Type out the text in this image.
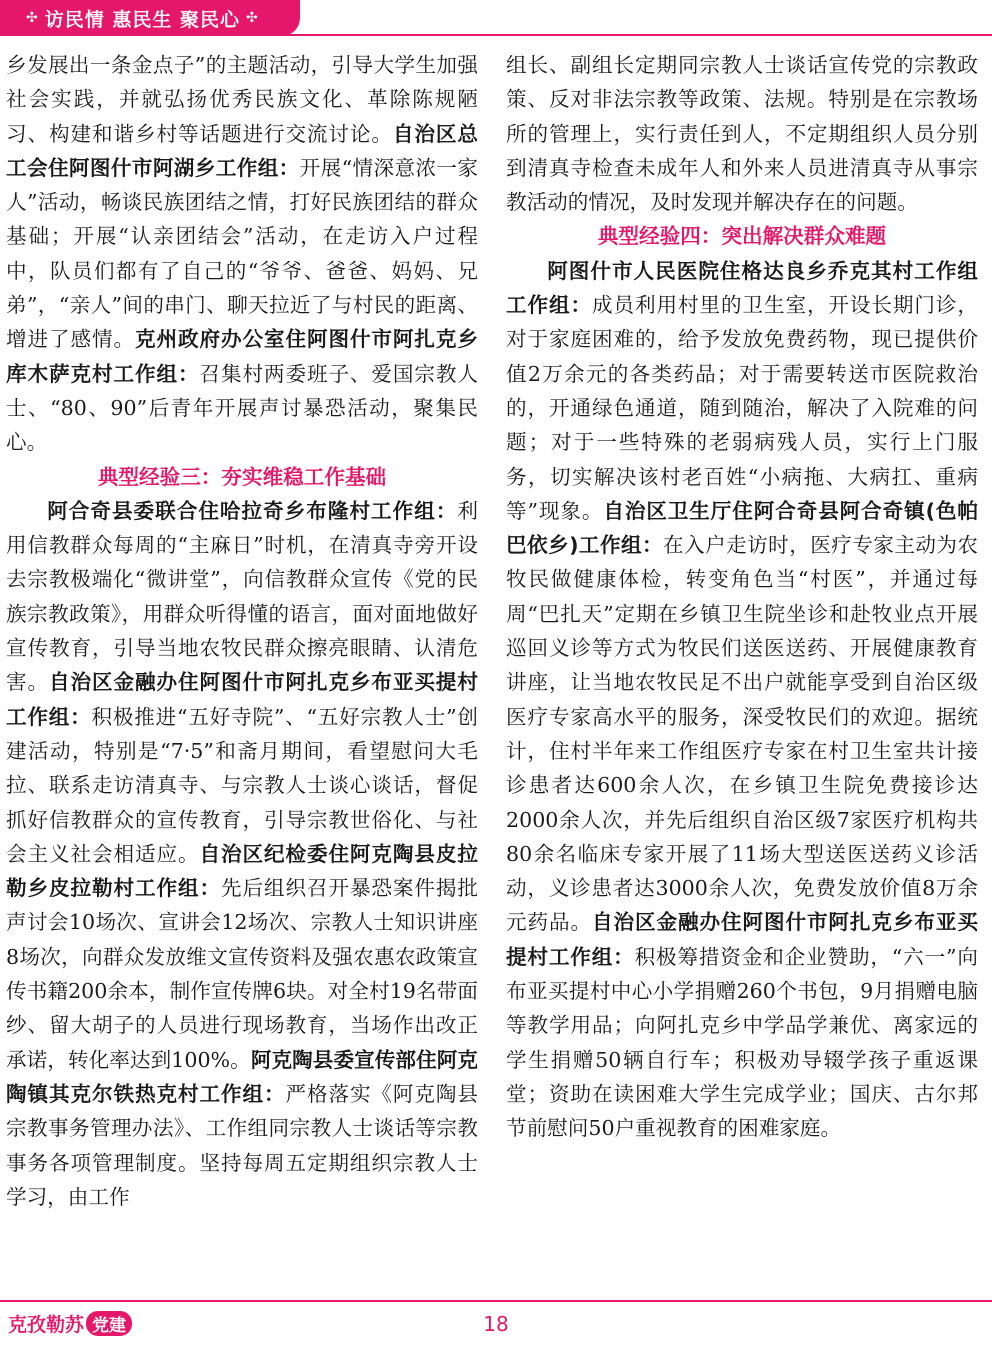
✣ 访民情 惠民生 聚民心 ✣

乡发展出一条金点子”的主题活动，引导大学生加强社会实践，并就弘扬优秀民族文化、革除陈规陋习、构建和谐乡村等话题进行交流讨论。自治区总工会住阿图什市阿湖乡工作组：开展“情深意浓一家人”活动，畅谈民族团结之情，打好民族团结的群众基础；开展“认亲团结会”活动，在走访入户过程中，队员们都有了自己的“爷爷、爸爸、妈妈、兄弟”，“亲人”间的串门、聊天拉近了与村民的距离、增进了感情。克州政府办公室住阿图什市阿扎克乡库木萨克村工作组：召集村两委班子、爱国宗教人士、“80、90”后青年开展声讨暴恐活动，聚集民心。

典型经验三：夯实维稳工作基础

阿合奇县委联合住哈拉奇乡布隆村工作组：利用信教群众每周的“主麻日”时机，在清真寺旁开设去宗教极端化“微讲堂”，向信教群众宣传《党的民族宗教政策》，用群众听得懂的语言，面对面地做好宣传教育，引导当地农牧民群众擦亮眼睛、认清危害。自治区金融办住阿图什市阿扎克乡布亚买提村工作组：积极推进“五好寺院”、“五好宗教人士”创建活动，特别是“7·5”和斋月期间，看望慰问大毛拉、联系走访清真寺、与宗教人士谈心谈话，督促抓好信教群众的宣传教育，引导宗教世俗化、与社会主义社会相适应。自治区纪检委住阿克陶县皮拉勒乡皮拉勒村工作组：先后组织召开暴恐案件揭批声讨会10场次、宣讲会12场次、宗教人士知识讲座8场次，向群众发放维文宣传资料及强农惠农政策宣传书籍200余本，制作宣传牌6块。对全村19名带面纱、留大胡子的人员进行现场教育，当场作出改正承诺，转化率达到100%。阿克陶县委宣传部住阿克陶镇其克尔铁热克村工作组：严格落实《阿克陶县宗教事务管理办法》、工作组同宗教人士谈话等宗教事务各项管理制度。坚持每周五定期组织宗教人士学习，由工作

组长、副组长定期同宗教人士谈话宣传党的宗教政策、反对非法宗教等政策、法规。特别是在宗教场所的管理上，实行责任到人，不定期组织人员分别到清真寺检查未成年人和外来人员进清真寺从事宗教活动的情况，及时发现并解决存在的问题。

典型经验四：突出解决群众难题

阿图什市人民医院住格达良乡乔克其村工作组工作组：成员利用村里的卫生室，开设长期门诊，对于家庭困难的，给予发放免费药物，现已提供价值2万余元的各类药品；对于需要转送市医院救治的，开通绿色通道，随到随治，解决了入院难的问题；对于一些特殊的老弱病残人员，实行上门服务，切实解决该村老百姓“小病拖、大病扛、重病等”现象。自治区卫生厅住阿合奇县阿合奇镇(色帕巴依乡)工作组：在入户走访时，医疗专家主动为农牧民做健康体检，转变角色当“村医”，并通过每周“巴扎天”定期在乡镇卫生院坐诊和赴牧业点开展巡回义诊等方式为牧民们送医送药、开展健康教育讲座，让当地农牧民足不出户就能享受到自治区级医疗专家高水平的服务，深受牧民们的欢迎。据统计，住村半年来工作组医疗专家在村卫生室共计接诊患者达600余人次，在乡镇卫生院免费接诊达2000余人次，并先后组织自治区级7家医疗机构共80余名临床专家开展了11场大型送医送药义诊活动，义诊患者达3000余人次，免费发放价值8万余元药品。自治区金融办住阿图什市阿扎克乡布亚买提村工作组：积极筹措资金和企业赞助，“六一”向布亚买提村中心小学捐赠260个书包，9月捐赠电脑等教学用品；向阿扎克乡中学品学兼优、离家远的学生捐赠50辆自行车；积极劝导辍学孩子重返课堂；资助在读困难大学生完成学业；国庆、古尔邦节前慰问50户重视教育的困难家庭。

克孜勒苏 党建	18
